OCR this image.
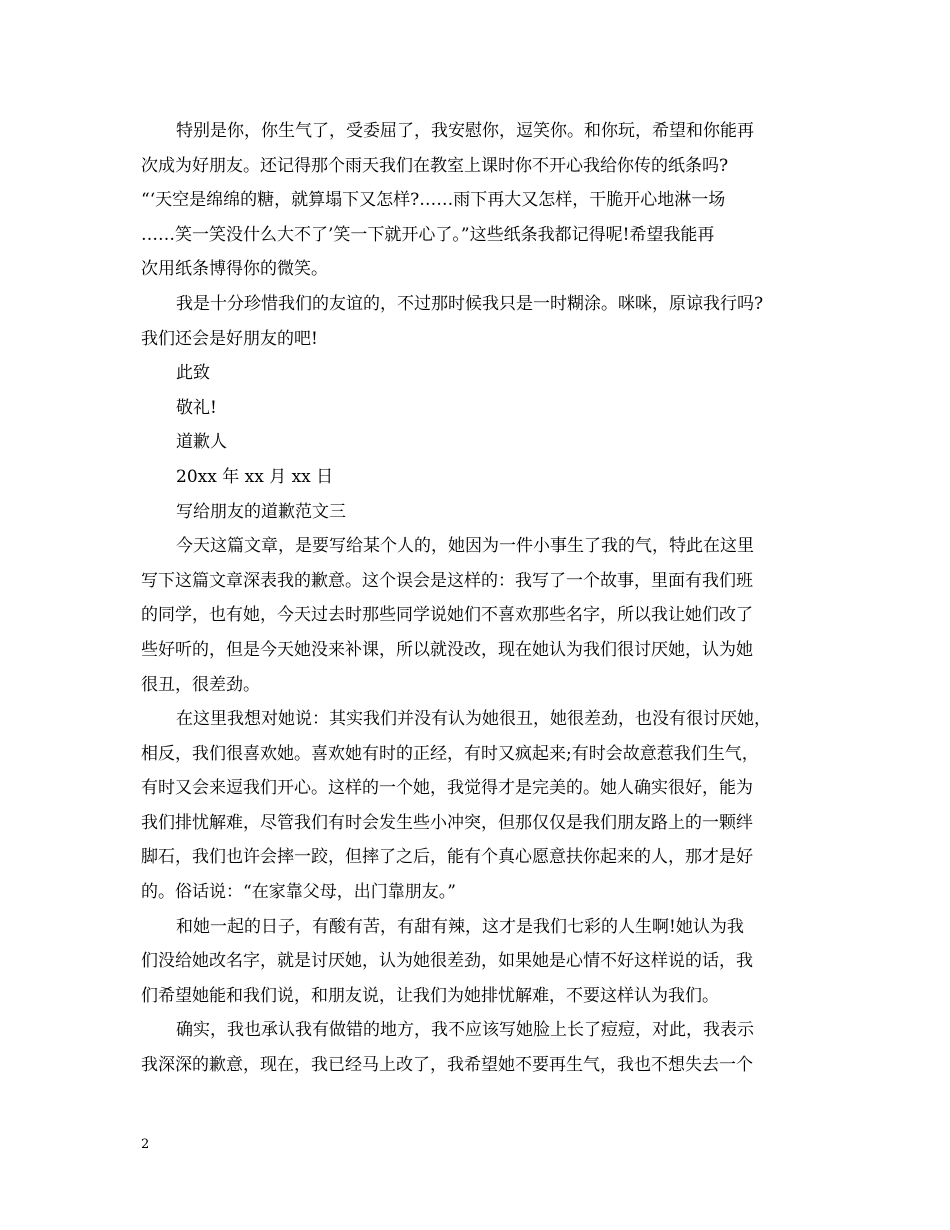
特别是你，你生气了，受委屈了，我安慰你，逗笑你。和你玩，希望和你能再
次成为好朋友。还记得那个雨天我们在教室上课时你不开心我给你传的纸条吗?
“‘天空是绵绵的糖，就算塌下又怎样?……雨下再大又怎样，干脆开心地淋一场
……笑一笑没什么大不了’笑一下就开心了。”这些纸条我都记得呢!希望我能再
次用纸条博得你的微笑。
我是十分珍惜我们的友谊的，不过那时候我只是一时糊涂。咪咪，原谅我行吗?
我们还会是好朋友的吧!
此致
敬礼!
道歉人
20xx 年 xx 月 xx 日
写给朋友的道歉范文三
今天这篇文章，是要写给某个人的，她因为一件小事生了我的气，特此在这里
写下这篇文章深表我的歉意。这个误会是这样的：我写了一个故事，里面有我们班
的同学，也有她，今天过去时那些同学说她们不喜欢那些名字，所以我让她们改了
些好听的，但是今天她没来补课，所以就没改，现在她认为我们很讨厌她，认为她
很丑，很差劲。
在这里我想对她说：其实我们并没有认为她很丑，她很差劲，也没有很讨厌她，
相反，我们很喜欢她。喜欢她有时的正经，有时又疯起来;有时会故意惹我们生气，
有时又会来逗我们开心。这样的一个她，我觉得才是完美的。她人确实很好，能为
我们排忧解难，尽管我们有时会发生些小冲突，但那仅仅是我们朋友路上的一颗绊
脚石，我们也许会摔一跤，但摔了之后，能有个真心愿意扶你起来的人，那才是好
的。俗话说：“在家靠父母，出门靠朋友。”
和她一起的日子，有酸有苦，有甜有辣，这才是我们七彩的人生啊!她认为我
们没给她改名字，就是讨厌她，认为她很差劲，如果她是心情不好这样说的话，我
们希望她能和我们说，和朋友说，让我们为她排忧解难，不要这样认为我们。
确实，我也承认我有做错的地方，我不应该写她脸上长了痘痘，对此，我表示
我深深的歉意，现在，我已经马上改了，我希望她不要再生气，我也不想失去一个
2
